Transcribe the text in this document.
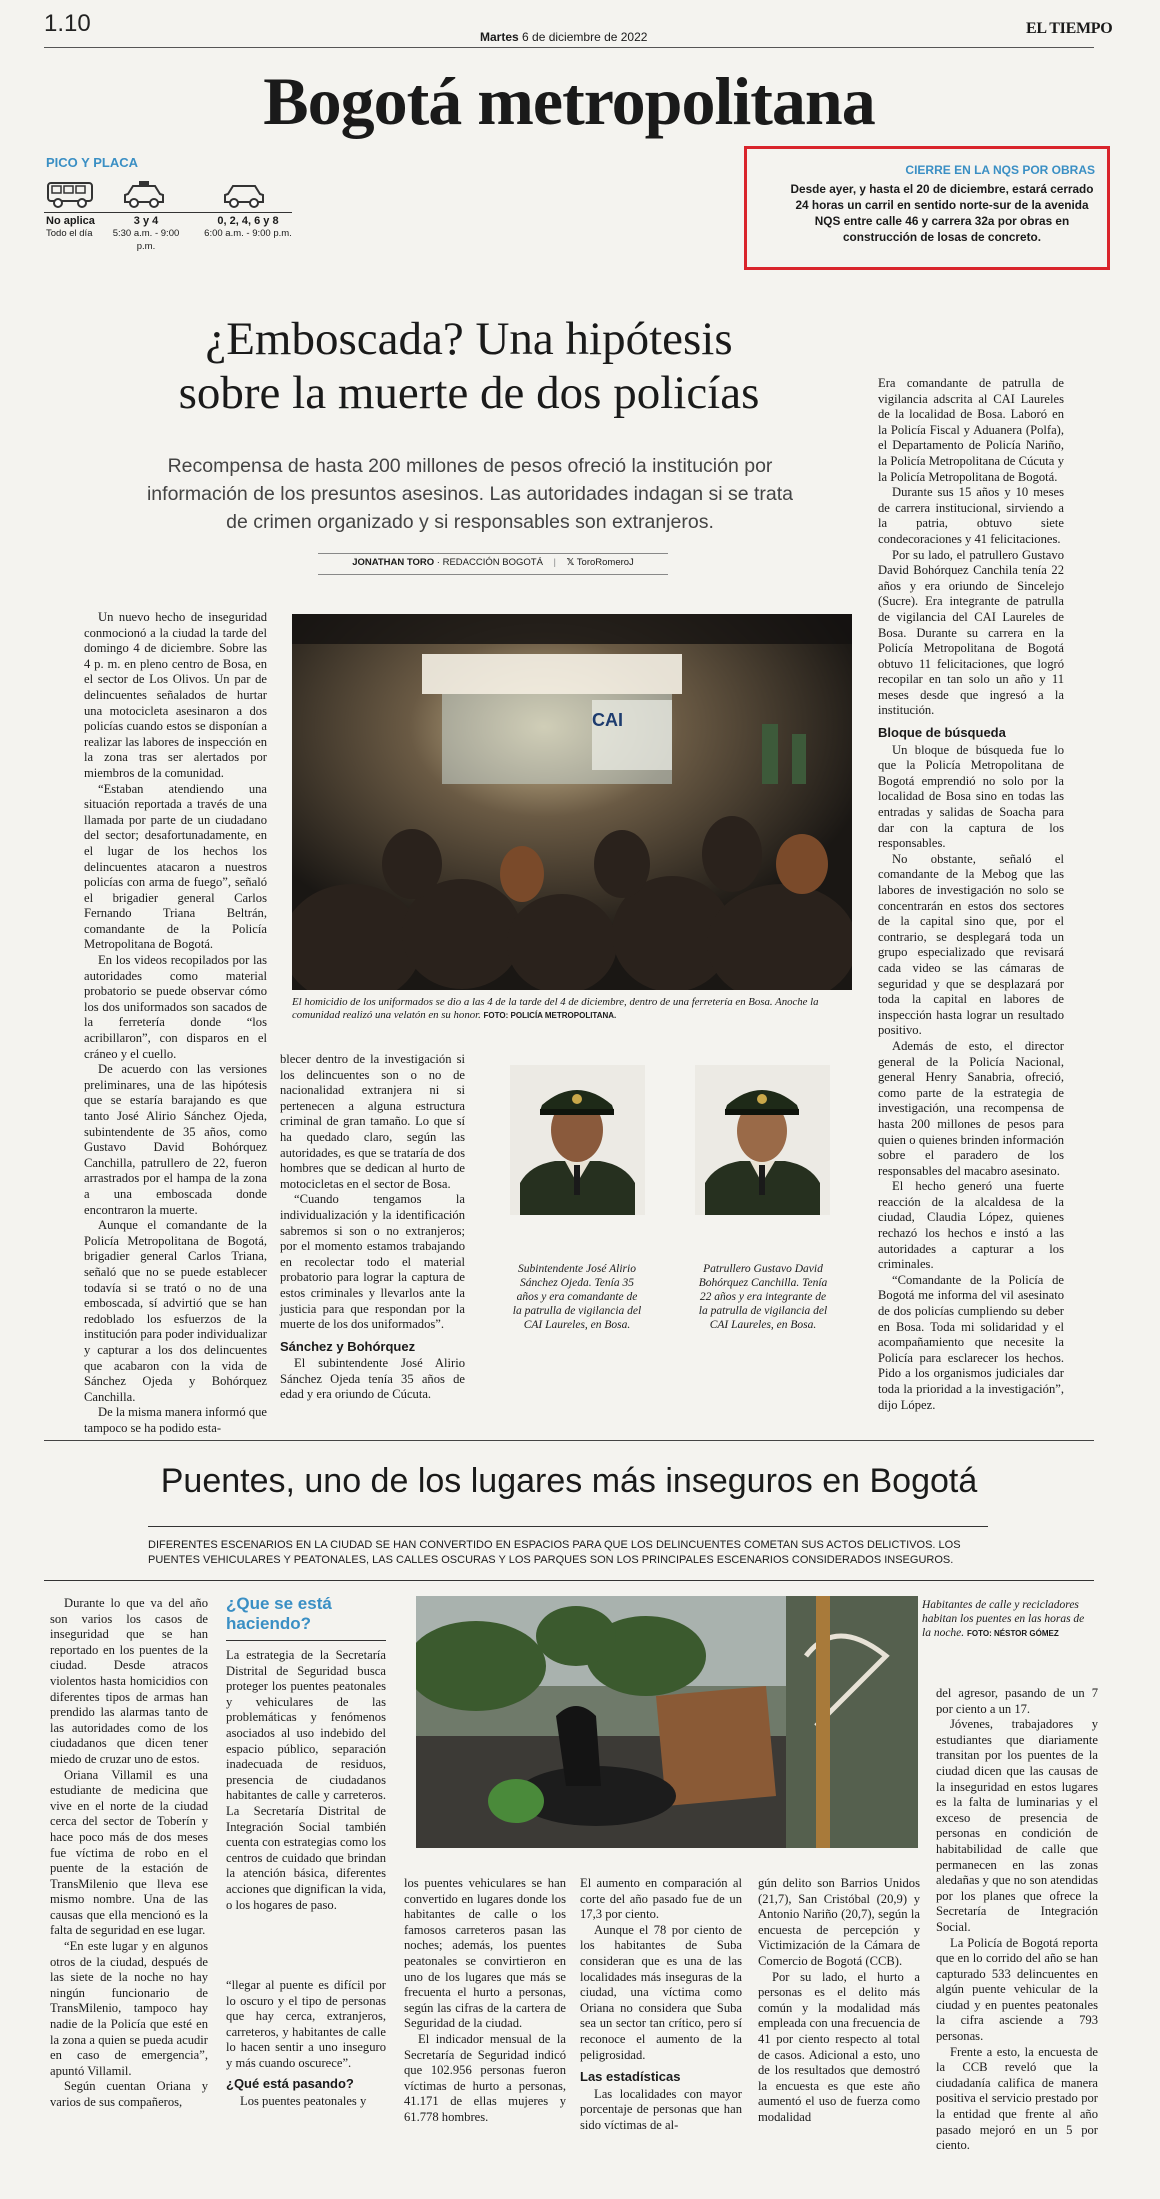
1.10	Martes 6 de diciembre de 2022	EL TIEMPO
Bogotá metropolitana
PICO Y PLACA
No aplica
Todo el día
3 y 4
5:30 a.m. - 9:00 p.m.
0, 2, 4, 6 y 8
6:00 a.m. - 9:00 p.m.
CIERRE EN LA NQS POR OBRAS
Desde ayer, y hasta el 20 de diciembre, estará cerrado 24 horas un carril en sentido norte-sur de la avenida NQS entre calle 46 y carrera 32a por obras en construcción de losas de concreto.
¿Emboscada? Una hipótesis
sobre la muerte de dos policías
Recompensa de hasta 200 millones de pesos ofreció la institución por información de los presuntos asesinos. Las autoridades indagan si se trata de crimen organizado y si responsables son extranjeros.
JONATHAN TORO · REDACCIÓN BOGOTÁ | 𝕏 ToroRomeroJ

Un nuevo hecho de inseguridad conmocionó a la ciudad la tarde del domingo 4 de diciembre. Sobre las 4 p. m. en pleno centro de Bosa, en el sector de Los Olivos. Un par de delincuentes señalados de hurtar una motocicleta asesinaron a dos policías cuando estos se disponían a realizar las labores de inspección en la zona tras ser alertados por miembros de la comunidad.

“Estaban atendiendo una situación reportada a través de una llamada por parte de un ciudadano del sector; desafortunadamente, en el lugar de los hechos los delincuentes atacaron a nuestros policías con arma de fuego”, señaló el brigadier general Carlos Fernando Triana Beltrán, comandante de la Policía Metropolitana de Bogotá.

En los videos recopilados por las autoridades como material probatorio se puede observar cómo los dos uniformados son sacados de la ferretería donde “los acribillaron”, con disparos en el cráneo y el cuello.

De acuerdo con las versiones preliminares, una de las hipótesis que se estaría barajando es que tanto José Alirio Sánchez Ojeda, subintendente de 35 años, como Gustavo David Bohórquez Canchilla, patrullero de 22, fueron arrastrados por el hampa de la zona a una emboscada donde encontraron la muerte.

Aunque el comandante de la Policía Metropolitana de Bogotá, brigadier general Carlos Triana, señaló que no se puede establecer todavía si se trató o no de una emboscada, sí advirtió que se han redoblado los esfuerzos de la institución para poder individualizar y capturar a los dos delincuentes que acabaron con la vida de Sánchez Ojeda y Bohórquez Canchilla.

De la misma manera informó que tampoco se ha podido esta-

CAI
El homicidio de los uniformados se dio a las 4 de la tarde del 4 de diciembre, dentro de una ferretería en Bosa. Anoche la comunidad realizó una velatón en su honor. FOTO: POLICÍA METROPOLITANA.

blecer dentro de la investigación si los delincuentes son o no de nacionalidad extranjera ni si pertenecen a alguna estructura criminal de gran tamaño. Lo que sí ha quedado claro, según las autoridades, es que se trataría de dos hombres que se dedican al hurto de motocicletas en el sector de Bosa.

“Cuando tengamos la individualización y la identificación sabremos si son o no extranjeros; por el momento estamos trabajando en recolectar todo el material probatorio para lograr la captura de estos criminales y llevarlos ante la justicia para que respondan por la muerte de los dos uniformados”.

Sánchez y Bohórquez

El subintendente José Alirio Sánchez Ojeda tenía 35 años de edad y era oriundo de Cúcuta.

Subintendente José Alirio Sánchez Ojeda. Tenía 35 años y era comandante de la patrulla de vigilancia del CAI Laureles, en Bosa.
Patrullero Gustavo David Bohórquez Canchilla. Tenía 22 años y era integrante de la patrulla de vigilancia del CAI Laureles, en Bosa.

Era comandante de patrulla de vigilancia adscrita al CAI Laureles de la localidad de Bosa. Laboró en la Policía Fiscal y Aduanera (Polfa), el Departamento de Policía Nariño, la Policía Metropolitana de Cúcuta y la Policía Metropolitana de Bogotá.

Durante sus 15 años y 10 meses de carrera institucional, sirviendo a la patria, obtuvo siete condecoraciones y 41 felicitaciones.

Por su lado, el patrullero Gustavo David Bohórquez Canchila tenía 22 años y era oriundo de Sincelejo (Sucre). Era integrante de patrulla de vigilancia del CAI Laureles de Bosa. Durante su carrera en la Policía Metropolitana de Bogotá obtuvo 11 felicitaciones, que logró recopilar en tan solo un año y 11 meses desde que ingresó a la institución.

Bloque de búsqueda

Un bloque de búsqueda fue lo que la Policía Metropolitana de Bogotá emprendió no solo por la localidad de Bosa sino en todas las entradas y salidas de Soacha para dar con la captura de los responsables.

No obstante, señaló el comandante de la Mebog que las labores de investigación no solo se concentrarán en estos dos sectores de la capital sino que, por el contrario, se desplegará toda un grupo especializado que revisará cada video se las cámaras de seguridad y que se desplazará por toda la capital en labores de inspección hasta lograr un resultado positivo.

Además de esto, el director general de la Policía Nacional, general Henry Sanabria, ofreció, como parte de la estrategia de investigación, una recompensa de hasta 200 millones de pesos para quien o quienes brinden información sobre el paradero de los responsables del macabro asesinato.

El hecho generó una fuerte reacción de la alcaldesa de la ciudad, Claudia López, quienes rechazó los hechos e instó a las autoridades a capturar a los criminales.

“Comandante de la Policía de Bogotá me informa del vil asesinato de dos policías cumpliendo su deber en Bosa. Toda mi solidaridad y el acompañamiento que necesite la Policía para esclarecer los hechos. Pido a los organismos judiciales dar toda la prioridad a la investigación”, dijo López.

Puentes, uno de los lugares más inseguros en Bogotá
DIFERENTES ESCENARIOS EN LA CIUDAD SE HAN CONVERTIDO EN ESPACIOS PARA QUE LOS DELINCUENTES COMETAN SUS ACTOS DELICTIVOS. LOS PUENTES VEHICULARES Y PEATONALES, LAS CALLES OSCURAS Y LOS PARQUES SON LOS PRINCIPALES ESCENARIOS CONSIDERADOS INSEGUROS.

Durante lo que va del año son varios los casos de inseguridad que se han reportado en los puentes de la ciudad. Desde atracos violentos hasta homicidios con diferentes tipos de armas han prendido las alarmas tanto de las autoridades como de los ciudadanos que dicen tener miedo de cruzar uno de estos.

Oriana Villamil es una estudiante de medicina que vive en el norte de la ciudad cerca del sector de Toberín y hace poco más de dos meses fue víctima de robo en el puente de la estación de TransMilenio que lleva ese mismo nombre. Una de las causas que ella mencionó es la falta de seguridad en ese lugar.

“En este lugar y en algunos otros de la ciudad, después de las siete de la noche no hay ningún funcionario de TransMilenio, tampoco hay nadie de la Policía que esté en la zona a quien se pueda acudir en caso de emergencia”, apuntó Villamil.

Según cuentan Oriana y varios de sus compañeros,

¿Que se está haciendo?

La estrategia de la Secretaría Distrital de Seguridad busca proteger los puentes peatonales y vehiculares de las problemáticas y fenómenos asociados al uso indebido del espacio público, separación inadecuada de residuos, presencia de ciudadanos habitantes de calle y carreteros. La Secretaría Distrital de Integración Social también cuenta con estrategias como los centros de cuidado que brindan la atención básica, diferentes acciones que dignifican la vida, o los hogares de paso.

“llegar al puente es difícil por lo oscuro y el tipo de personas que hay cerca, extranjeros, carreteros, y habitantes de calle lo hacen sentir a uno inseguro y más cuando oscurece”.
¿Qué está pasando?

Los puentes peatonales y

Habitantes de calle y recicladores habitan los puentes en las horas de la noche. FOTO: NÉSTOR GÓMEZ

los puentes vehiculares se han convertido en lugares donde los habitantes de calle o los famosos carreteros pasan las noches; además, los puentes peatonales se convirtieron en uno de los lugares que más se frecuenta el hurto a personas, según las cifras de la cartera de Seguridad de la ciudad.

El indicador mensual de la Secretaría de Seguridad indicó que 102.956 personas fueron víctimas de hurto a personas, 41.171 de ellas mujeres y 61.778 hombres.

El aumento en comparación al corte del año pasado fue de un 17,3 por ciento.

Aunque el 78 por ciento de los habitantes de Suba consideran que es una de las localidades más inseguras de la ciudad, una víctima como Oriana no considera que Suba sea un sector tan crítico, pero sí reconoce el aumento de la peligrosidad.

Las estadísticas

Las localidades con mayor porcentaje de personas que han sido víctimas de al-

gún delito son Barrios Unidos (21,7), San Cristóbal (20,9) y Antonio Nariño (20,7), según la encuesta de percepción y Victimización de la Cámara de Comercio de Bogotá (CCB).

Por su lado, el hurto a personas es el delito más común y la modalidad más empleada con una frecuencia de 41 por ciento respecto al total de casos. Adicional a esto, uno de los resultados que demostró la encuesta es que este año aumentó el uso de fuerza como modalidad

del agresor, pasando de un 7 por ciento a un 17.

Jóvenes, trabajadores y estudiantes que diariamente transitan por los puentes de la ciudad dicen que las causas de la inseguridad en estos lugares es la falta de luminarias y el exceso de presencia de personas en condición de habitabilidad de calle que permanecen en las zonas aledañas y que no son atendidas por los planes que ofrece la Secretaría de Integración Social.

La Policía de Bogotá reporta que en lo corrido del año se han capturado 533 delincuentes en algún puente vehicular de la ciudad y en puentes peatonales la cifra asciende a 793 personas.

Frente a esto, la encuesta de la CCB reveló que la ciudadanía califica de manera positiva el servicio prestado por la entidad que frente al año pasado mejoró en un 5 por ciento.
